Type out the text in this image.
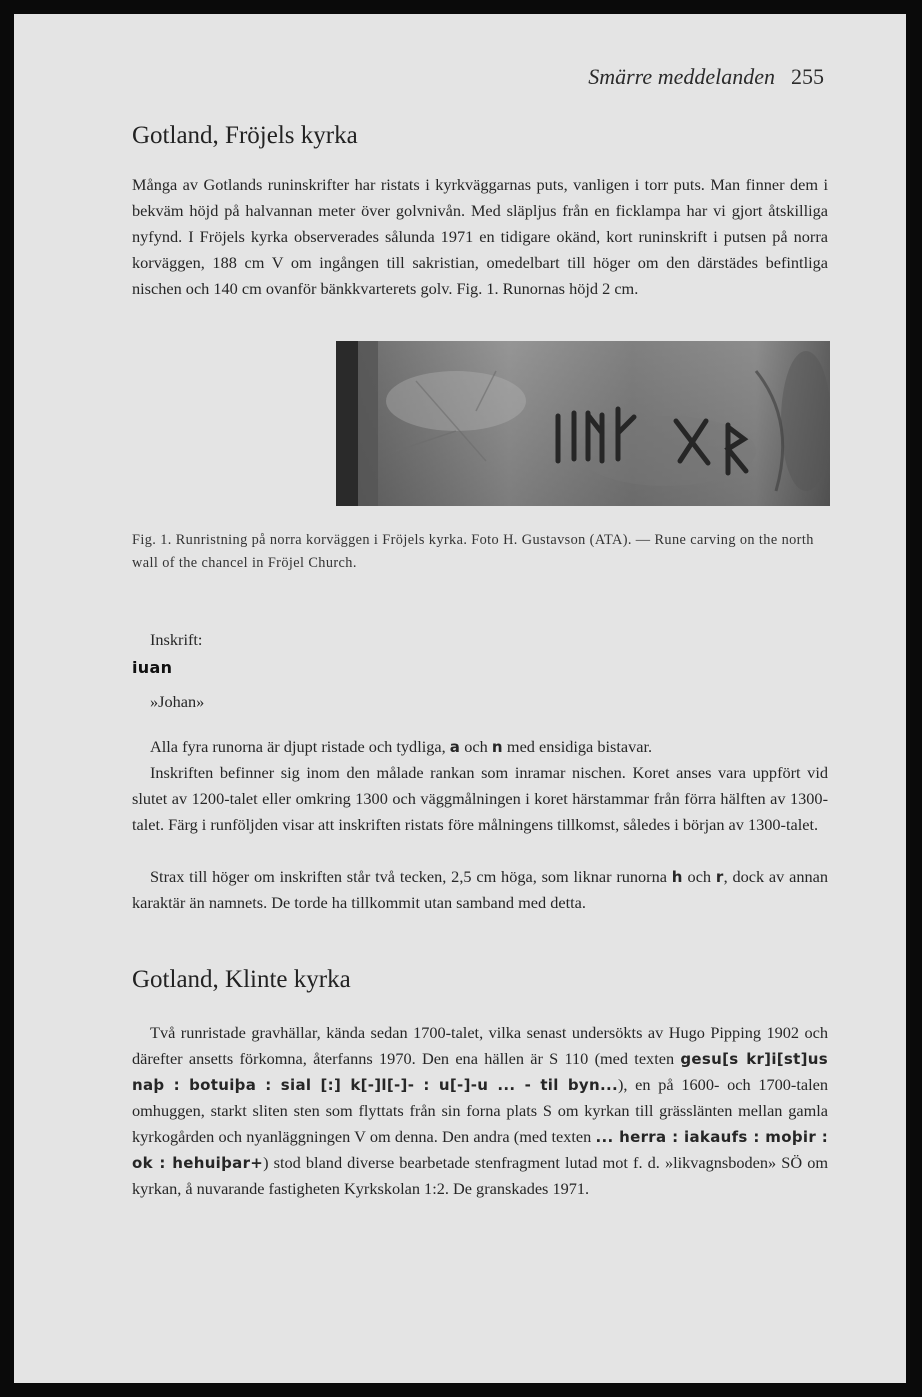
Smärre meddelanden 255
Gotland, Fröjels kyrka
Många av Gotlands runinskrifter har ristats i kyrkväggarnas puts, vanligen i torr puts. Man finner dem i bekväm höjd på halvannan meter över golvnivån. Med släpljus från en ficklampa har vi gjort åtskilliga nyfynd. I Fröjels kyrka observerades sålunda 1971 en tidigare okänd, kort runinskrift i putsen på norra korväggen, 188 cm V om ingången till sakristian, omedelbart till höger om den därstädes befintliga nischen och 140 cm ovanför bänkkvarterets golv. Fig. 1. Runornas höjd 2 cm.
Fig. 1. Runristning på norra korväggen i Fröjels kyrka. Foto H. Gustavson (ATA). — Rune carving on the north wall of the chancel in Fröjel Church.
Inskrift:
iuan
»Johan»
Alla fyra runorna är djupt ristade och tydliga, a och n med ensidiga bistavar.
Inskriften befinner sig inom den målade rankan som inramar nischen. Koret anses vara uppfört vid slutet av 1200-talet eller omkring 1300 och väggmålningen i koret härstammar från förra hälften av 1300-talet. Färg i runföljden visar att inskriften ristats före målningens tillkomst, således i början av 1300-talet.
Strax till höger om inskriften står två tecken, 2,5 cm höga, som liknar runorna h och r, dock av annan karaktär än namnets. De torde ha tillkommit utan samband med detta.
Gotland, Klinte kyrka
Två runristade gravhällar, kända sedan 1700-talet, vilka senast undersökts av Hugo Pipping 1902 och därefter ansetts förkomna, återfanns 1970. Den ena hällen är S 110 (med texten gesu[s kr]i[st]us naþ : botuiþa : sial [:] k[-]l[-]- : u[-]-u ... - til byn...), en på 1600- och 1700-talen omhuggen, starkt sliten sten som flyttats från sin forna plats S om kyrkan till grässlänten mellan gamla kyrkogården och nyanläggningen V om denna. Den andra (med texten ... herra : iakaufs : moþir : ok : hehuiþar+) stod bland diverse bearbetade stenfragment lutad mot f. d. »likvagnsboden» SÖ om kyrkan, å nuvarande fastigheten Kyrkskolan 1:2. De granskades 1971.
